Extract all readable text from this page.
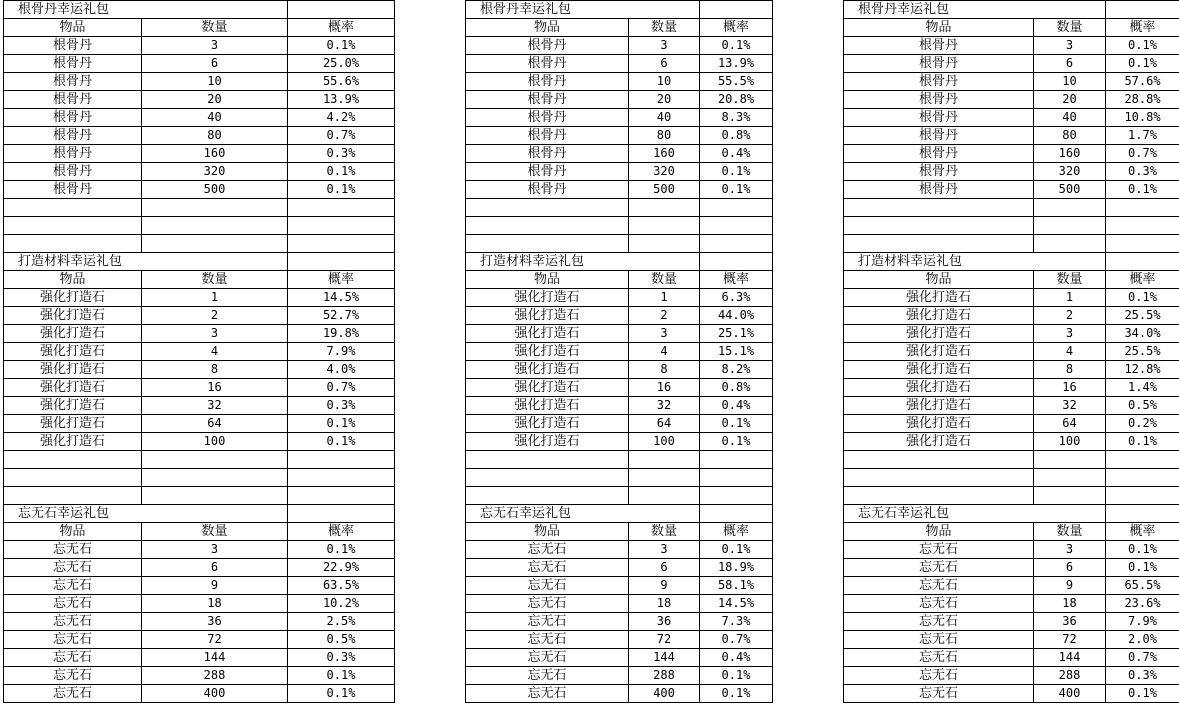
根骨丹幸运礼包		
物品	数量	概率
根骨丹	3	0.1%
根骨丹	6	25.0%
根骨丹	10	55.6%
根骨丹	20	13.9%
根骨丹	40	4.2%
根骨丹	80	0.7%
根骨丹	160	0.3%
根骨丹	320	0.1%
根骨丹	500	0.1%

打造材料幸运礼包		
物品	数量	概率
强化打造石	1	14.5%
强化打造石	2	52.7%
强化打造石	3	19.8%
强化打造石	4	7.9%
强化打造石	8	4.0%
强化打造石	16	0.7%
强化打造石	32	0.3%
强化打造石	64	0.1%
强化打造石	100	0.1%

忘无石幸运礼包		
物品	数量	概率
忘无石	3	0.1%
忘无石	6	22.9%
忘无石	9	63.5%
忘无石	18	10.2%
忘无石	36	2.5%
忘无石	72	0.5%
忘无石	144	0.3%
忘无石	288	0.1%
忘无石	400	0.1%
根骨丹幸运礼包		
物品	数量	概率
根骨丹	3	0.1%
根骨丹	6	13.9%
根骨丹	10	55.5%
根骨丹	20	20.8%
根骨丹	40	8.3%
根骨丹	80	0.8%
根骨丹	160	0.4%
根骨丹	320	0.1%
根骨丹	500	0.1%

打造材料幸运礼包		
物品	数量	概率
强化打造石	1	6.3%
强化打造石	2	44.0%
强化打造石	3	25.1%
强化打造石	4	15.1%
强化打造石	8	8.2%
强化打造石	16	0.8%
强化打造石	32	0.4%
强化打造石	64	0.1%
强化打造石	100	0.1%

忘无石幸运礼包		
物品	数量	概率
忘无石	3	0.1%
忘无石	6	18.9%
忘无石	9	58.1%
忘无石	18	14.5%
忘无石	36	7.3%
忘无石	72	0.7%
忘无石	144	0.4%
忘无石	288	0.1%
忘无石	400	0.1%
根骨丹幸运礼包		
物品	数量	概率
根骨丹	3	0.1%
根骨丹	6	0.1%
根骨丹	10	57.6%
根骨丹	20	28.8%
根骨丹	40	10.8%
根骨丹	80	1.7%
根骨丹	160	0.7%
根骨丹	320	0.3%
根骨丹	500	0.1%

打造材料幸运礼包		
物品	数量	概率
强化打造石	1	0.1%
强化打造石	2	25.5%
强化打造石	3	34.0%
强化打造石	4	25.5%
强化打造石	8	12.8%
强化打造石	16	1.4%
强化打造石	32	0.5%
强化打造石	64	0.2%
强化打造石	100	0.1%

忘无石幸运礼包		
物品	数量	概率
忘无石	3	0.1%
忘无石	6	0.1%
忘无石	9	65.5%
忘无石	18	23.6%
忘无石	36	7.9%
忘无石	72	2.0%
忘无石	144	0.7%
忘无石	288	0.3%
忘无石	400	0.1%
